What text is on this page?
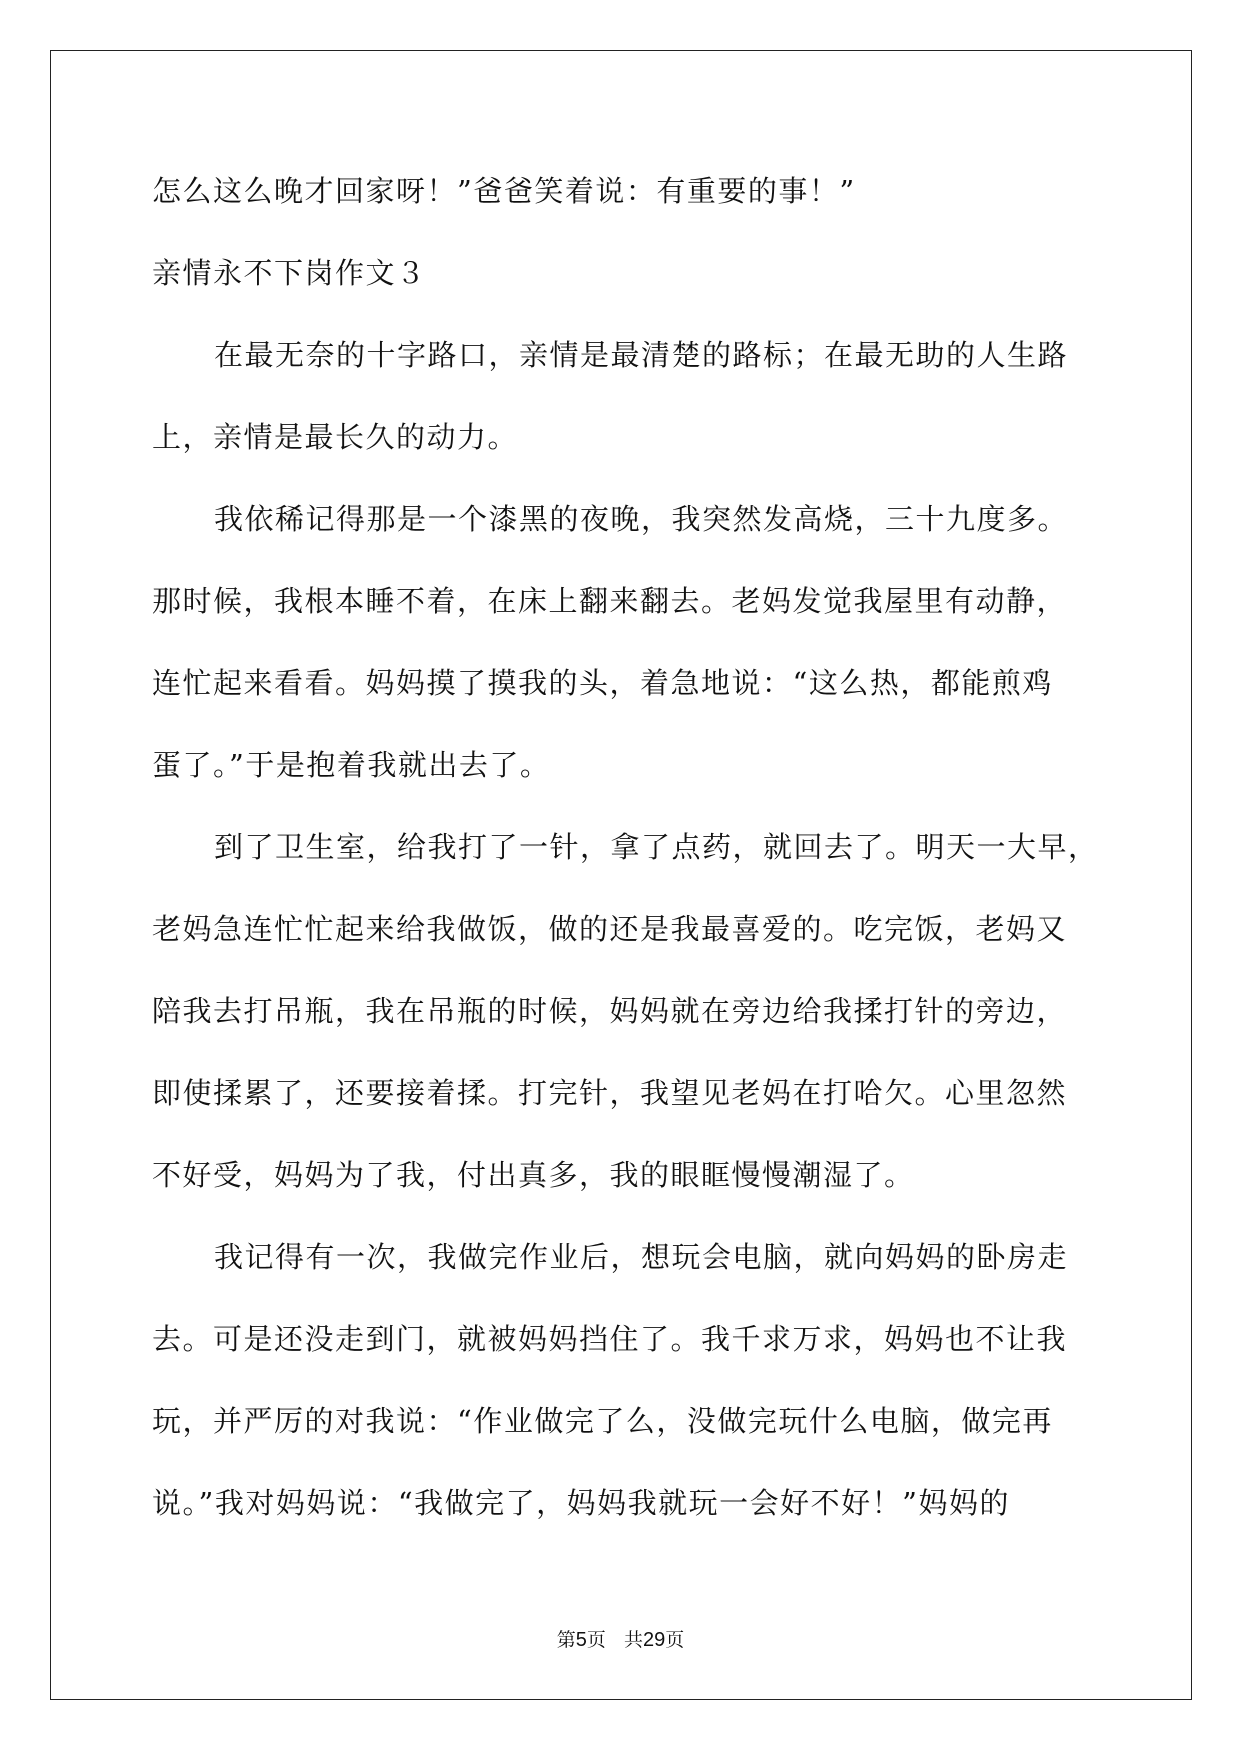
怎么这么晚才回家呀！”爸爸笑着说：有重要的事！”
亲情永不下岗作文３
在最无奈的十字路口，亲情是最清楚的路标；在最无助的人生路
上，亲情是最长久的动力。
我依稀记得那是一个漆黑的夜晚，我突然发高烧，三十九度多。
那时候，我根本睡不着，在床上翻来翻去。老妈发觉我屋里有动静，
连忙起来看看。妈妈摸了摸我的头，着急地说：“这么热，都能煎鸡
蛋了。”于是抱着我就出去了。
到了卫生室，给我打了一针，拿了点药，就回去了。明天一大早，
老妈急连忙忙起来给我做饭，做的还是我最喜爱的。吃完饭，老妈又
陪我去打吊瓶，我在吊瓶的时候，妈妈就在旁边给我揉打针的旁边，
即使揉累了，还要接着揉。打完针，我望见老妈在打哈欠。心里忽然
不好受，妈妈为了我，付出真多，我的眼眶慢慢潮湿了。
我记得有一次，我做完作业后，想玩会电脑，就向妈妈的卧房走
去。可是还没走到门，就被妈妈挡住了。我千求万求，妈妈也不让我
玩，并严厉的对我说：“作业做完了么，没做完玩什么电脑，做完再
说。”我对妈妈说：“我做完了，妈妈我就玩一会好不好！”妈妈的
第5页 共29页
